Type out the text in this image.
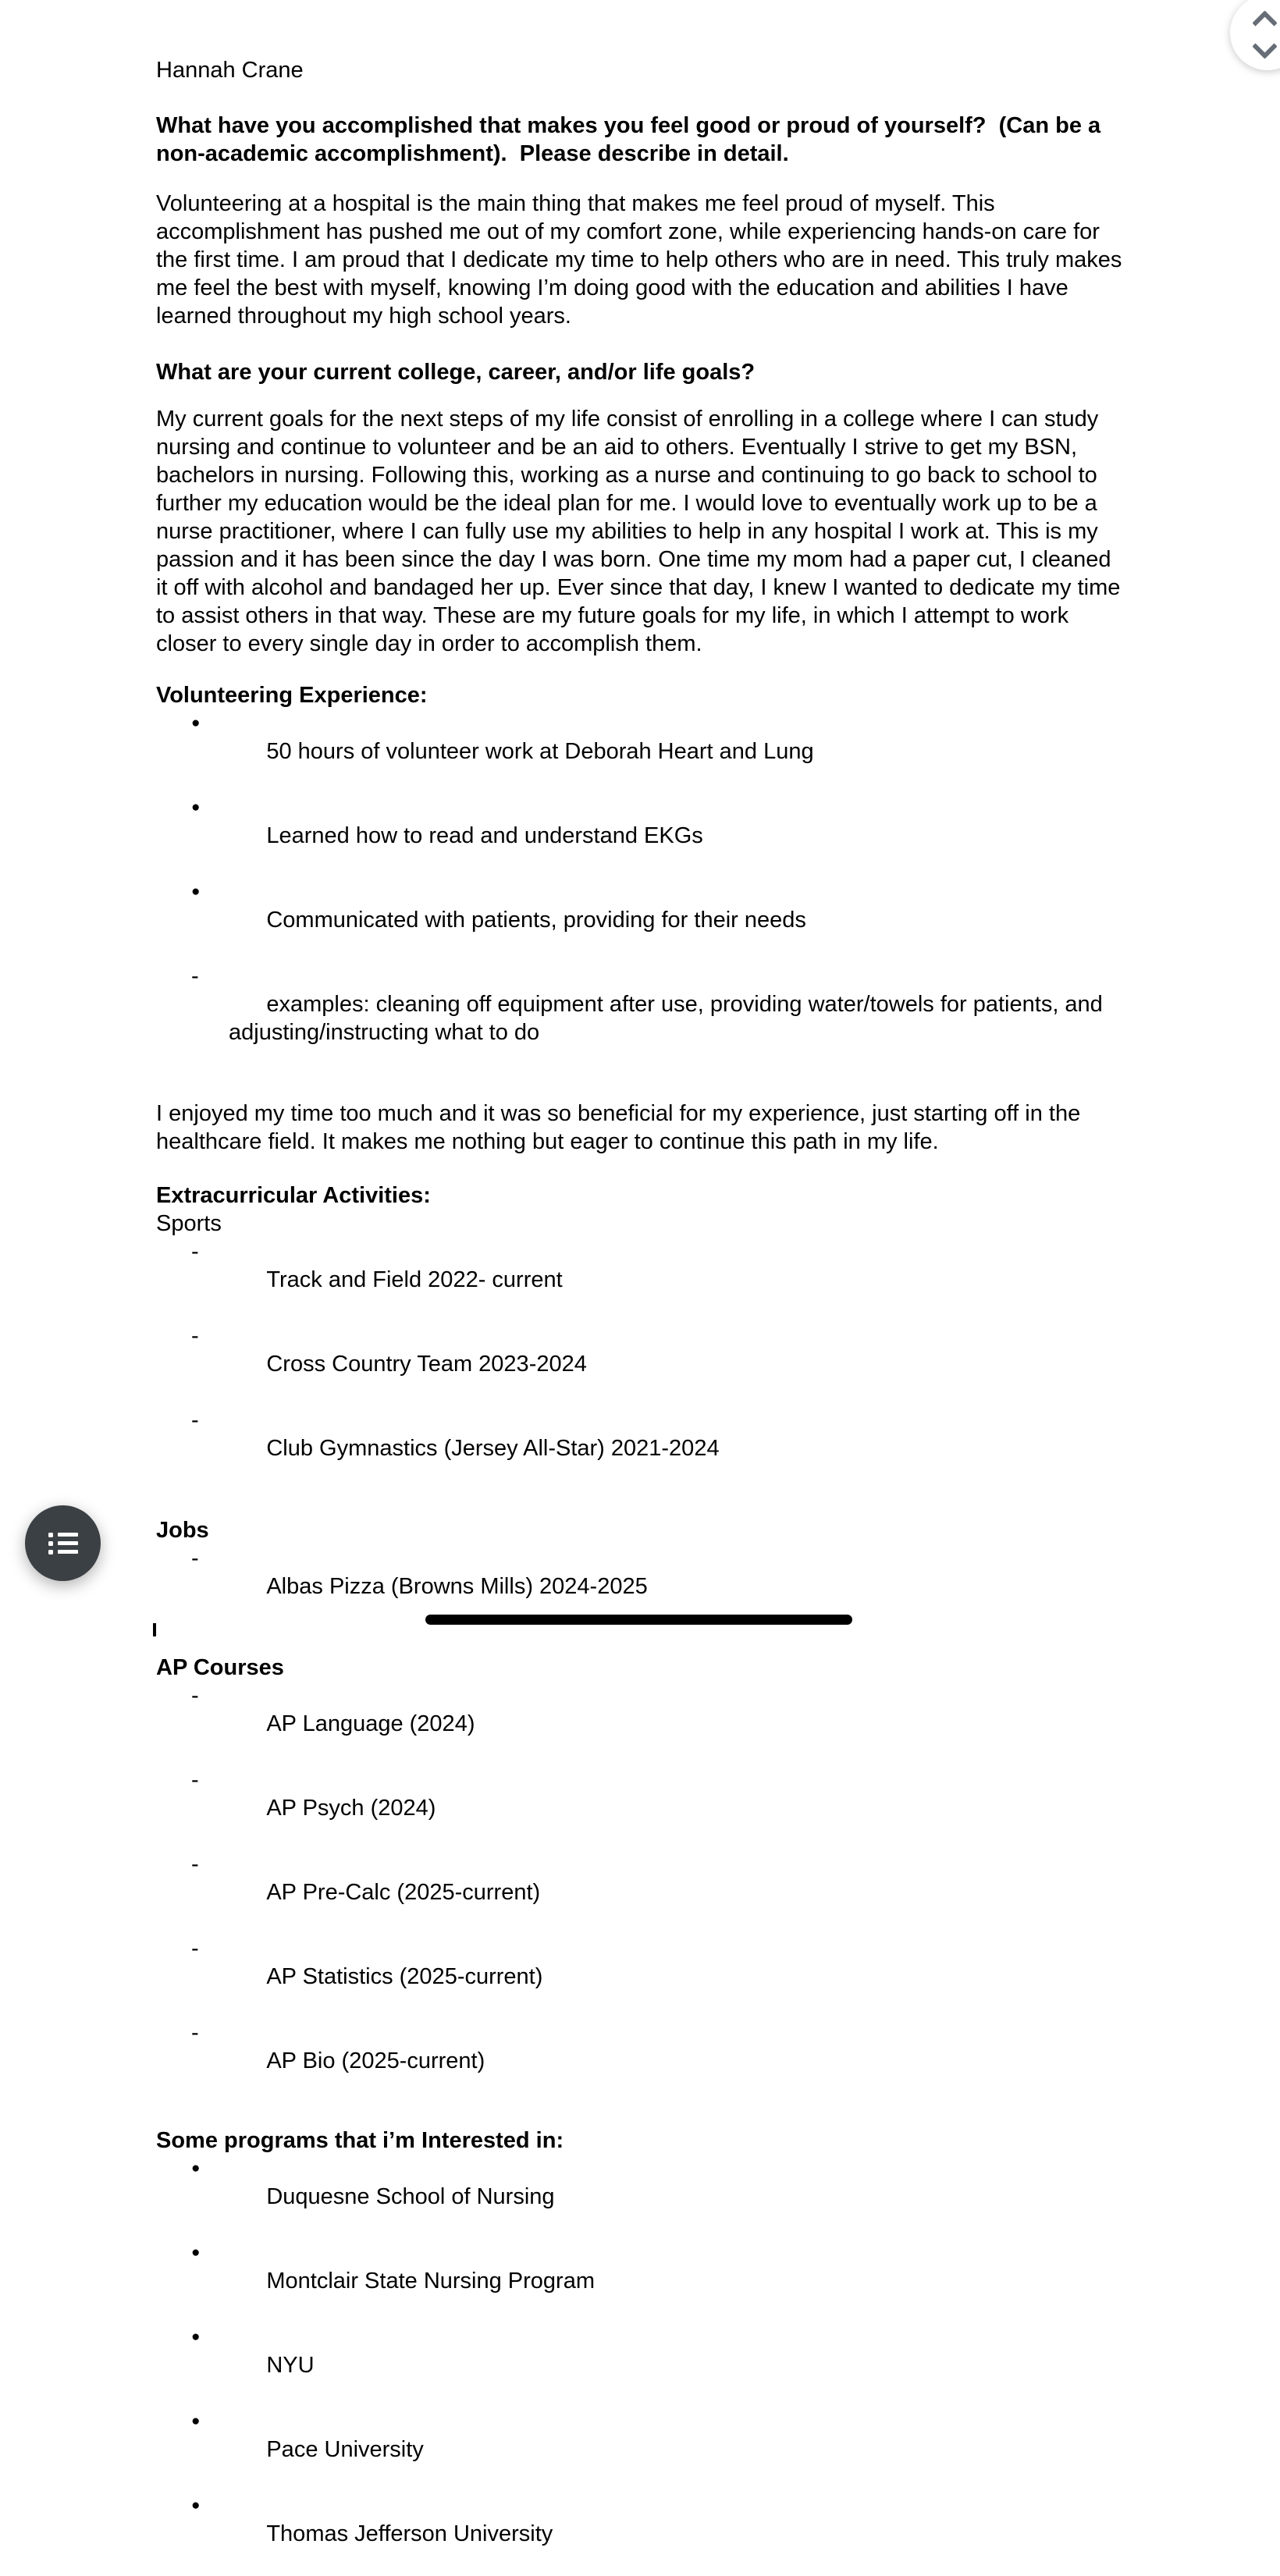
Hannah Crane

What have you accomplished that makes you feel good or proud of yourself?  (Can be a non-academic accomplishment).  Please describe in detail.

Volunteering at a hospital is the main thing that makes me feel proud of myself. This accomplishment has pushed me out of my comfort zone, while experiencing hands-on care for the first time. I am proud that I dedicate my time to help others who are in need. This truly makes me feel the best with myself, knowing I’m doing good with the education and abilities I have learned throughout my high school years.

What are your current college, career, and/or life goals?

My current goals for the next steps of my life consist of enrolling in a college where I can study nursing and continue to volunteer and be an aid to others. Eventually I strive to get my BSN, bachelors in nursing. Following this, working as a nurse and continuing to go back to school to further my education would be the ideal plan for me. I would love to eventually work up to be a nurse practitioner, where I can fully use my abilities to help in any hospital I work at. This is my passion and it has been since the day I was born. One time my mom had a paper cut, I cleaned it off with alcohol and bandaged her up. Ever since that day, I knew I wanted to dedicate my time to assist others in that way. These are my future goals for my life, in which I attempt to work closer to every single day in order to accomplish them.

Volunteering Experience:

●
50 hours of volunteer work at Deborah Heart and Lung

●
Learned how to read and understand EKGs

●
Communicated with patients, providing for their needs

-
examples: cleaning off equipment after use, providing water/towels for patients, and adjusting/instructing what to do

I enjoyed my time too much and it was so beneficial for my experience, just starting off in the healthcare field. It makes me nothing but eager to continue this path in my life.

Extracurricular Activities:

Sports

-
Track and Field 2022- current

-
Cross Country Team 2023-2024

-
Club Gymnastics (Jersey All-Star) 2021-2024

Jobs

-
Albas Pizza (Browns Mills) 2024-2025

AP Courses

-
AP Language (2024)

-
AP Psych (2024)

-
AP Pre-Calc (2025-current)

-
AP Statistics (2025-current)

-
AP Bio (2025-current)

Some programs that i’m Interested in:

●
Duquesne School of Nursing

●
Montclair State Nursing Program

●
NYU

●
Pace University

●
Thomas Jefferson University
